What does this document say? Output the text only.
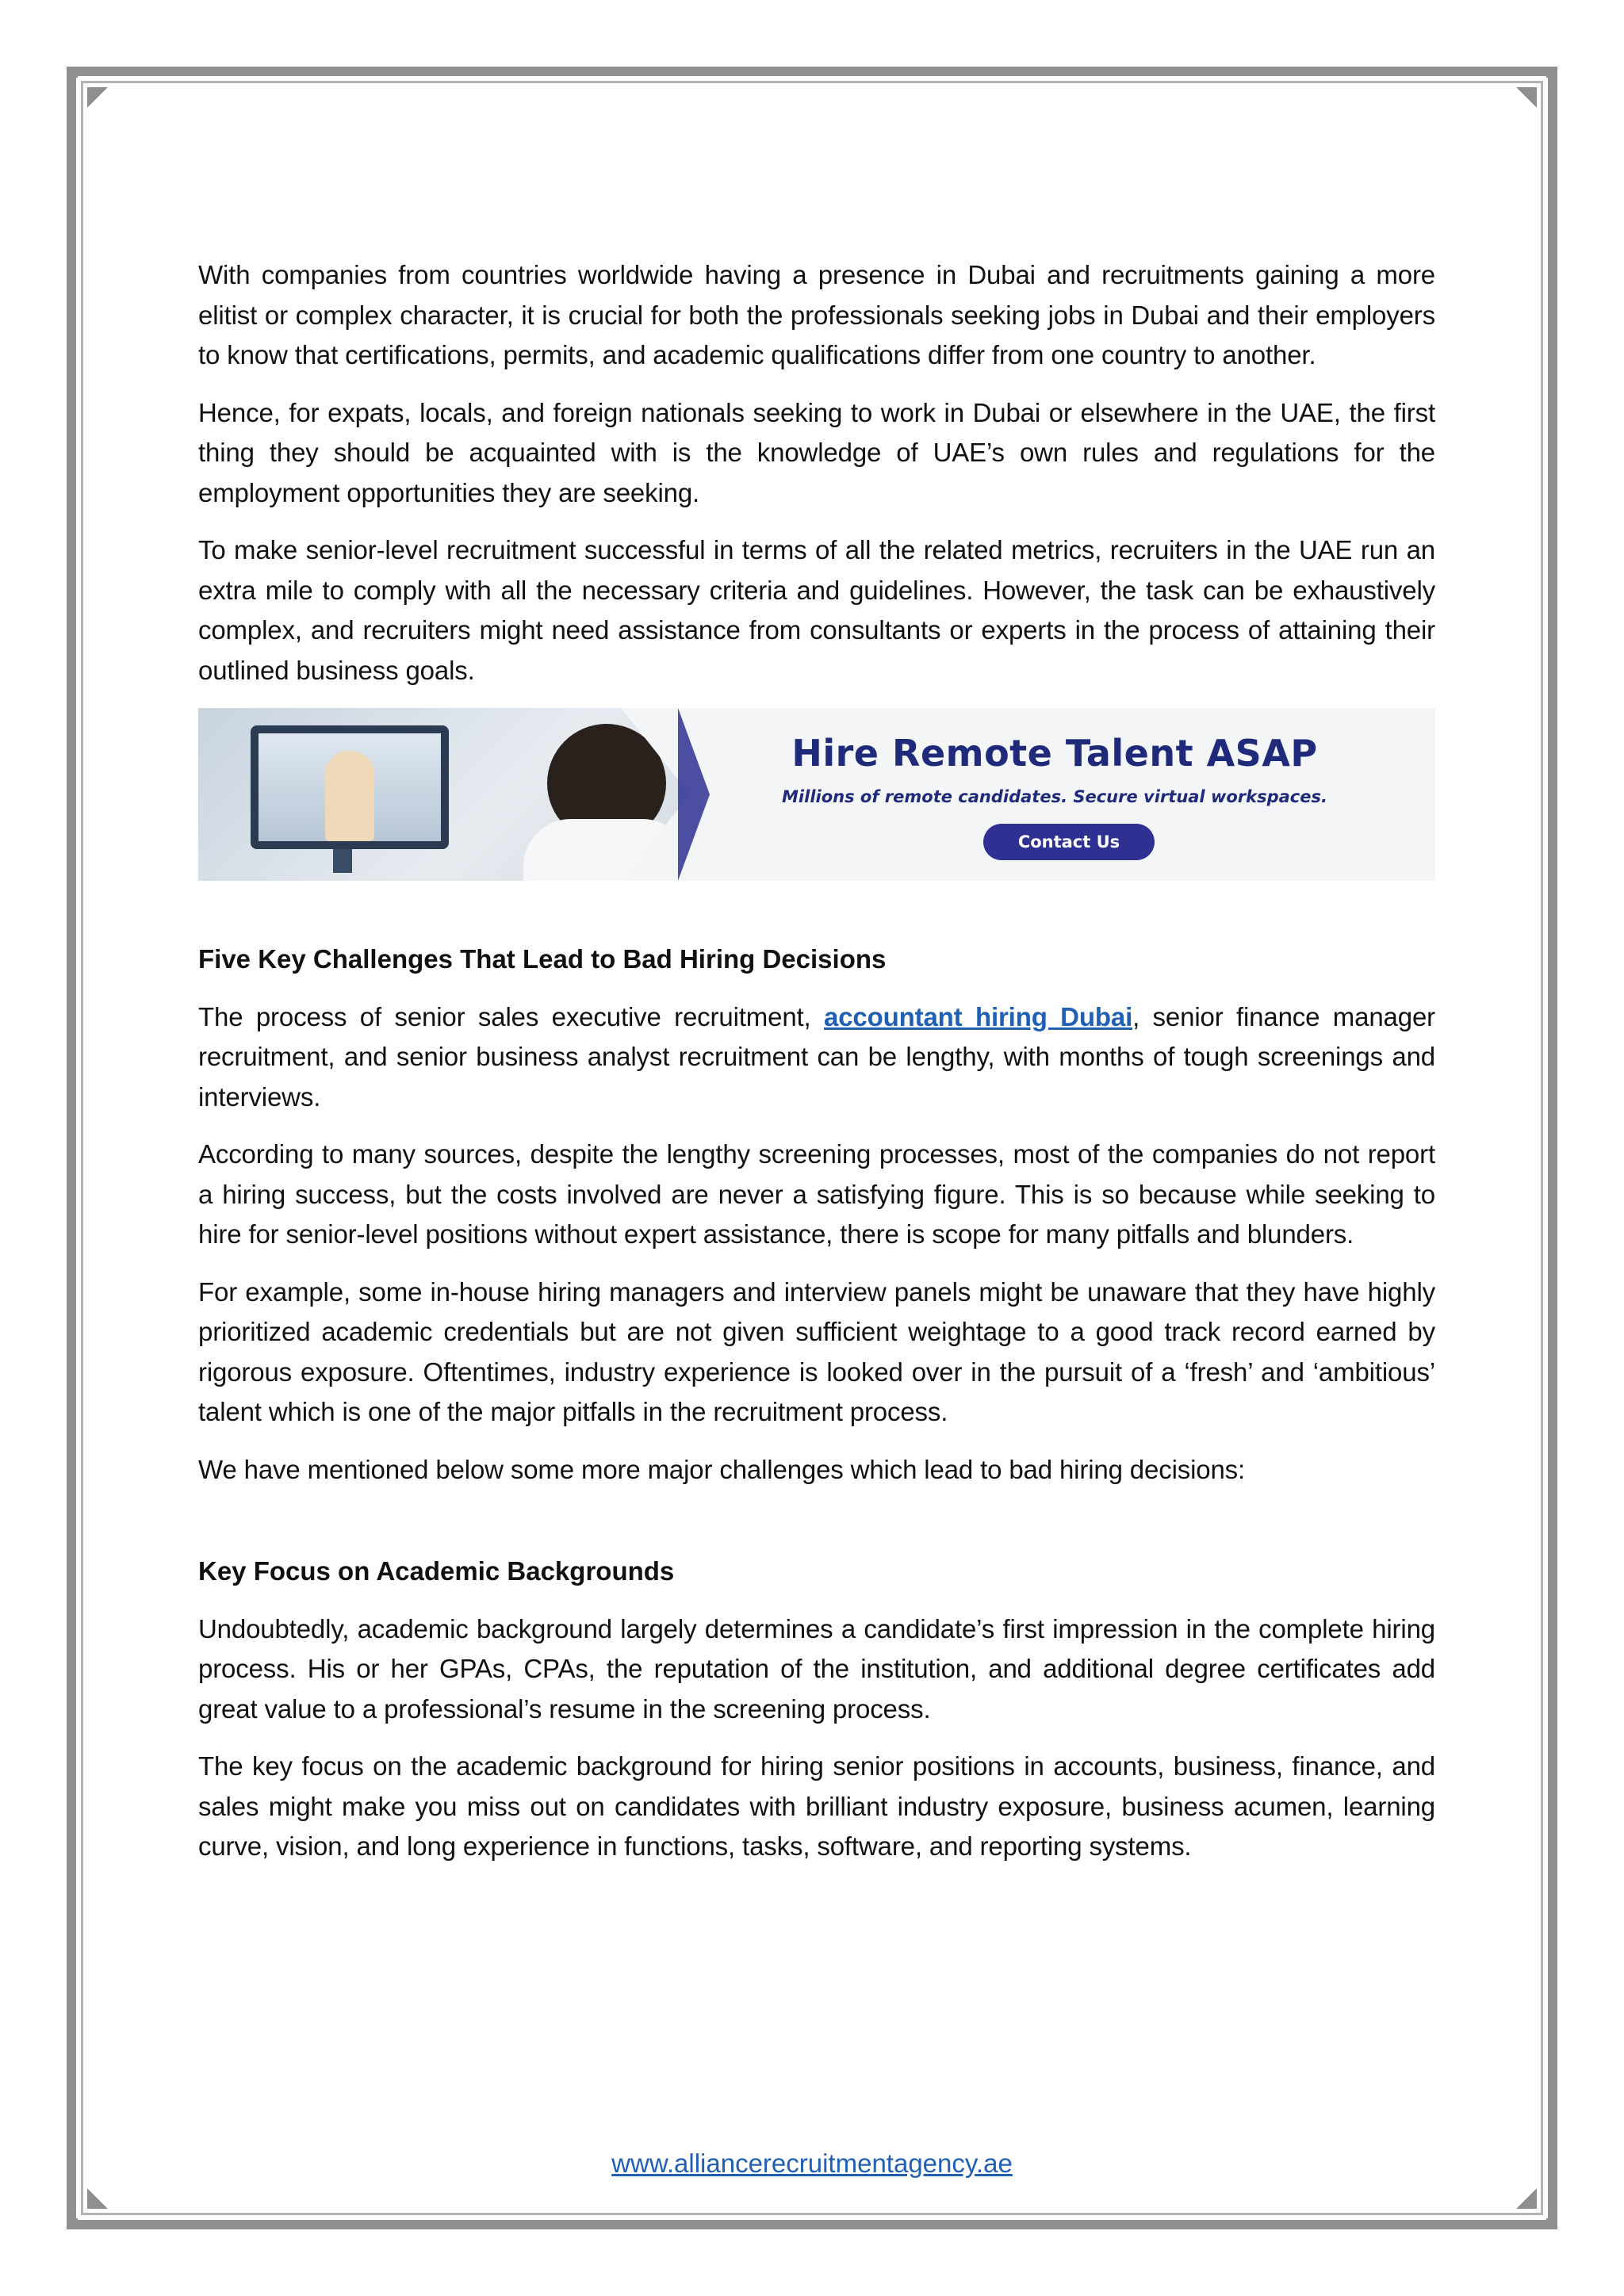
With companies from countries worldwide having a presence in Dubai and recruitments gaining a more elitist or complex character, it is crucial for both the professionals seeking jobs in Dubai and their employers to know that certifications, permits, and academic qualifications differ from one country to another.

Hence, for expats, locals, and foreign nationals seeking to work in Dubai or elsewhere in the UAE, the first thing they should be acquainted with is the knowledge of UAE’s own rules and regulations for the employment opportunities they are seeking.

To make senior-level recruitment successful in terms of all the related metrics, recruiters in the UAE run an extra mile to comply with all the necessary criteria and guidelines. However, the task can be exhaustively complex, and recruiters might need assistance from consultants or experts in the process of attaining their outlined business goals.

Hire Remote Talent ASAP
Millions of remote candidates. Secure virtual workspaces.
Contact Us

Five Key Challenges That Lead to Bad Hiring Decisions

The process of senior sales executive recruitment, accountant hiring Dubai, senior finance manager recruitment, and senior business analyst recruitment can be lengthy, with months of tough screenings and interviews.

According to many sources, despite the lengthy screening processes, most of the companies do not report a hiring success, but the costs involved are never a satisfying figure. This is so because while seeking to hire for senior-level positions without expert assistance, there is scope for many pitfalls and blunders.

For example, some in-house hiring managers and interview panels might be unaware that they have highly prioritized academic credentials but are not given sufficient weightage to a good track record earned by rigorous exposure. Oftentimes, industry experience is looked over in the pursuit of a ‘fresh’ and ‘ambitious’ talent which is one of the major pitfalls in the recruitment process.

We have mentioned below some more major challenges which lead to bad hiring decisions:

Key Focus on Academic Backgrounds

Undoubtedly, academic background largely determines a candidate’s first impression in the complete hiring process. His or her GPAs, CPAs, the reputation of the institution, and additional degree certificates add great value to a professional’s resume in the screening process.

The key focus on the academic background for hiring senior positions in accounts, business, finance, and sales might make you miss out on candidates with brilliant industry exposure, business acumen, learning curve, vision, and long experience in functions, tasks, software, and reporting systems.

www.alliancerecruitmentagency.ae
